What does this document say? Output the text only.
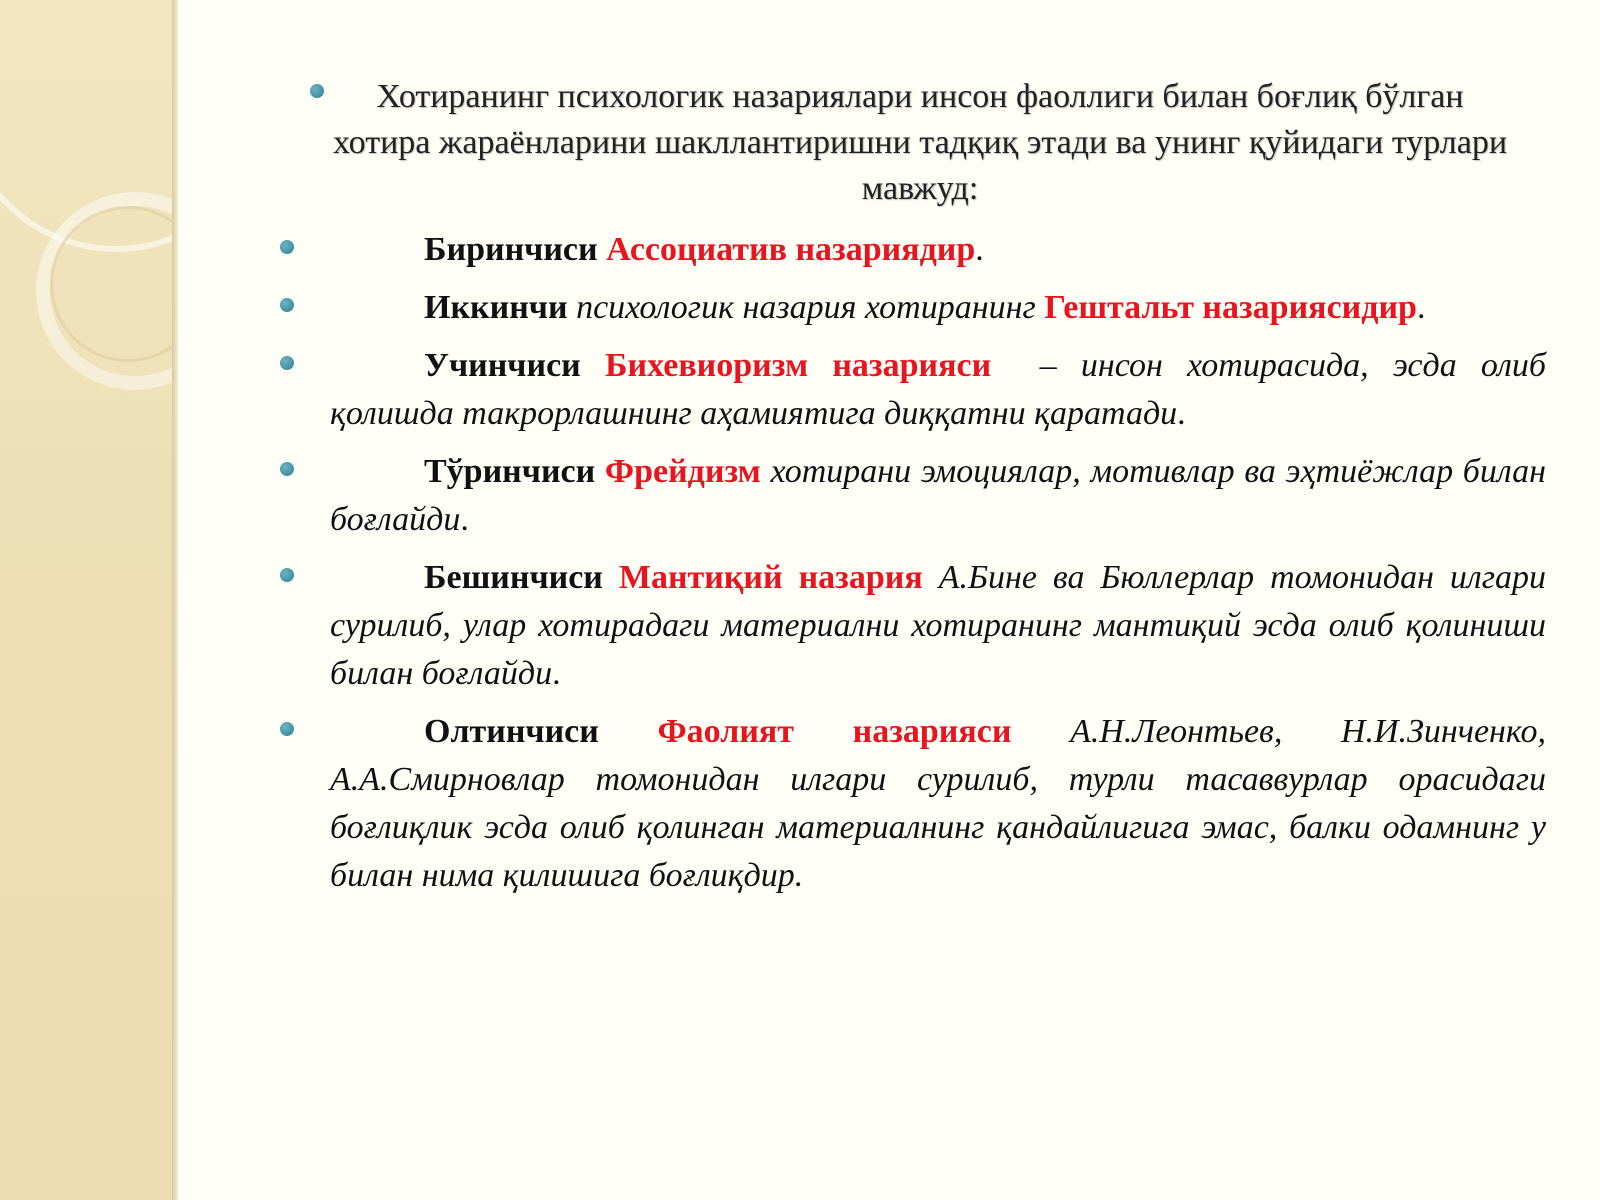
Хотиранинг психологик назариялари инсон фаоллиги билан боғлиқ бўлган хотира жараёнларини шакллантиришни тадқиқ этади ва унинг қуйидаги турлари мавжуд:

Биринчиси Ассоциатив назариядир.

Иккинчи психологик назария хотиранинг Гештальт назариясидир.

Учинчиси Бихевиоризм назарияси – инсон хотирасида, эсда олиб қолишда такрорлашнинг аҳамиятига диққатни қаратади.

Тўринчиси Фрейдизм хотирани эмоциялар, мотивлар ва эҳтиёжлар билан боғлайди.

Бешинчиси Мантиқий назария А.Бине ва Бюллерлар томонидан илгари сурилиб, улар хотирадаги материални хотиранинг мантиқий эсда олиб қолиниши билан боғлайди.

Олтинчиси Фаолият назарияси А.Н.Леонтьев, Н.И.Зинченко, А.А.Смирновлар томонидан илгари сурилиб, турли тасаввурлар орасидаги боғлиқлик эсда олиб қолинган материалнинг қандайлигига эмас, балки одамнинг у билан нима қилишига боғлиқдир.
